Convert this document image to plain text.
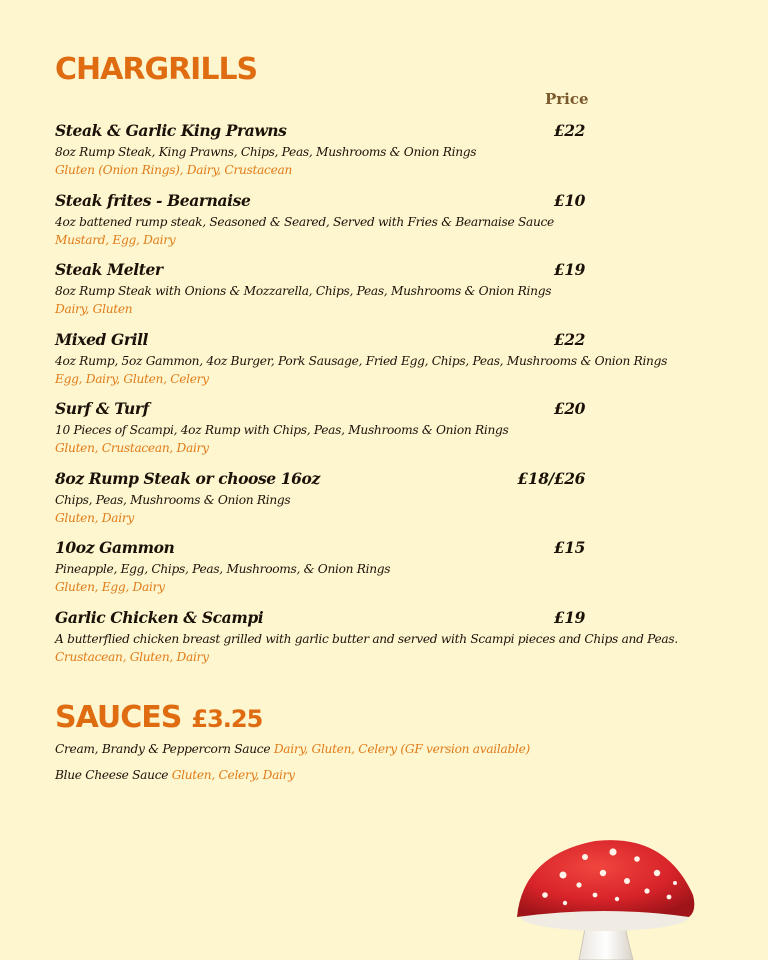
CHARGRILLS
Price
Steak & Garlic King Prawns	£22
8oz Rump Steak, King Prawns, Chips, Peas, Mushrooms & Onion Rings
Gluten (Onion Rings), Dairy, Crustacean
Steak frites - Bearnaise	£10
4oz battened rump steak, Seasoned & Seared, Served with Fries & Bearnaise Sauce
Mustard, Egg, Dairy
Steak Melter	£19
8oz Rump Steak with Onions & Mozzarella, Chips, Peas, Mushrooms & Onion Rings
Dairy, Gluten
Mixed Grill	£22
4oz Rump, 5oz Gammon, 4oz Burger, Pork Sausage, Fried Egg, Chips, Peas, Mushrooms & Onion Rings
Egg, Dairy, Gluten, Celery
Surf & Turf	£20
10 Pieces of Scampi, 4oz Rump with Chips, Peas, Mushrooms & Onion Rings
Gluten, Crustacean, Dairy
8oz Rump Steak or choose 16oz	£18/£26
Chips, Peas, Mushrooms & Onion Rings
Gluten, Dairy
10oz Gammon	£15
Pineapple, Egg, Chips, Peas, Mushrooms, & Onion Rings
Gluten, Egg, Dairy
Garlic Chicken & Scampi	£19
A butterflied chicken breast grilled with garlic butter and served with Scampi pieces and Chips and Peas.
Crustacean, Gluten, Dairy
SAUCES £3.25
Cream, Brandy & Peppercorn Sauce Dairy, Gluten, Celery (GF version available)
Blue Cheese Sauce Gluten, Celery, Dairy
